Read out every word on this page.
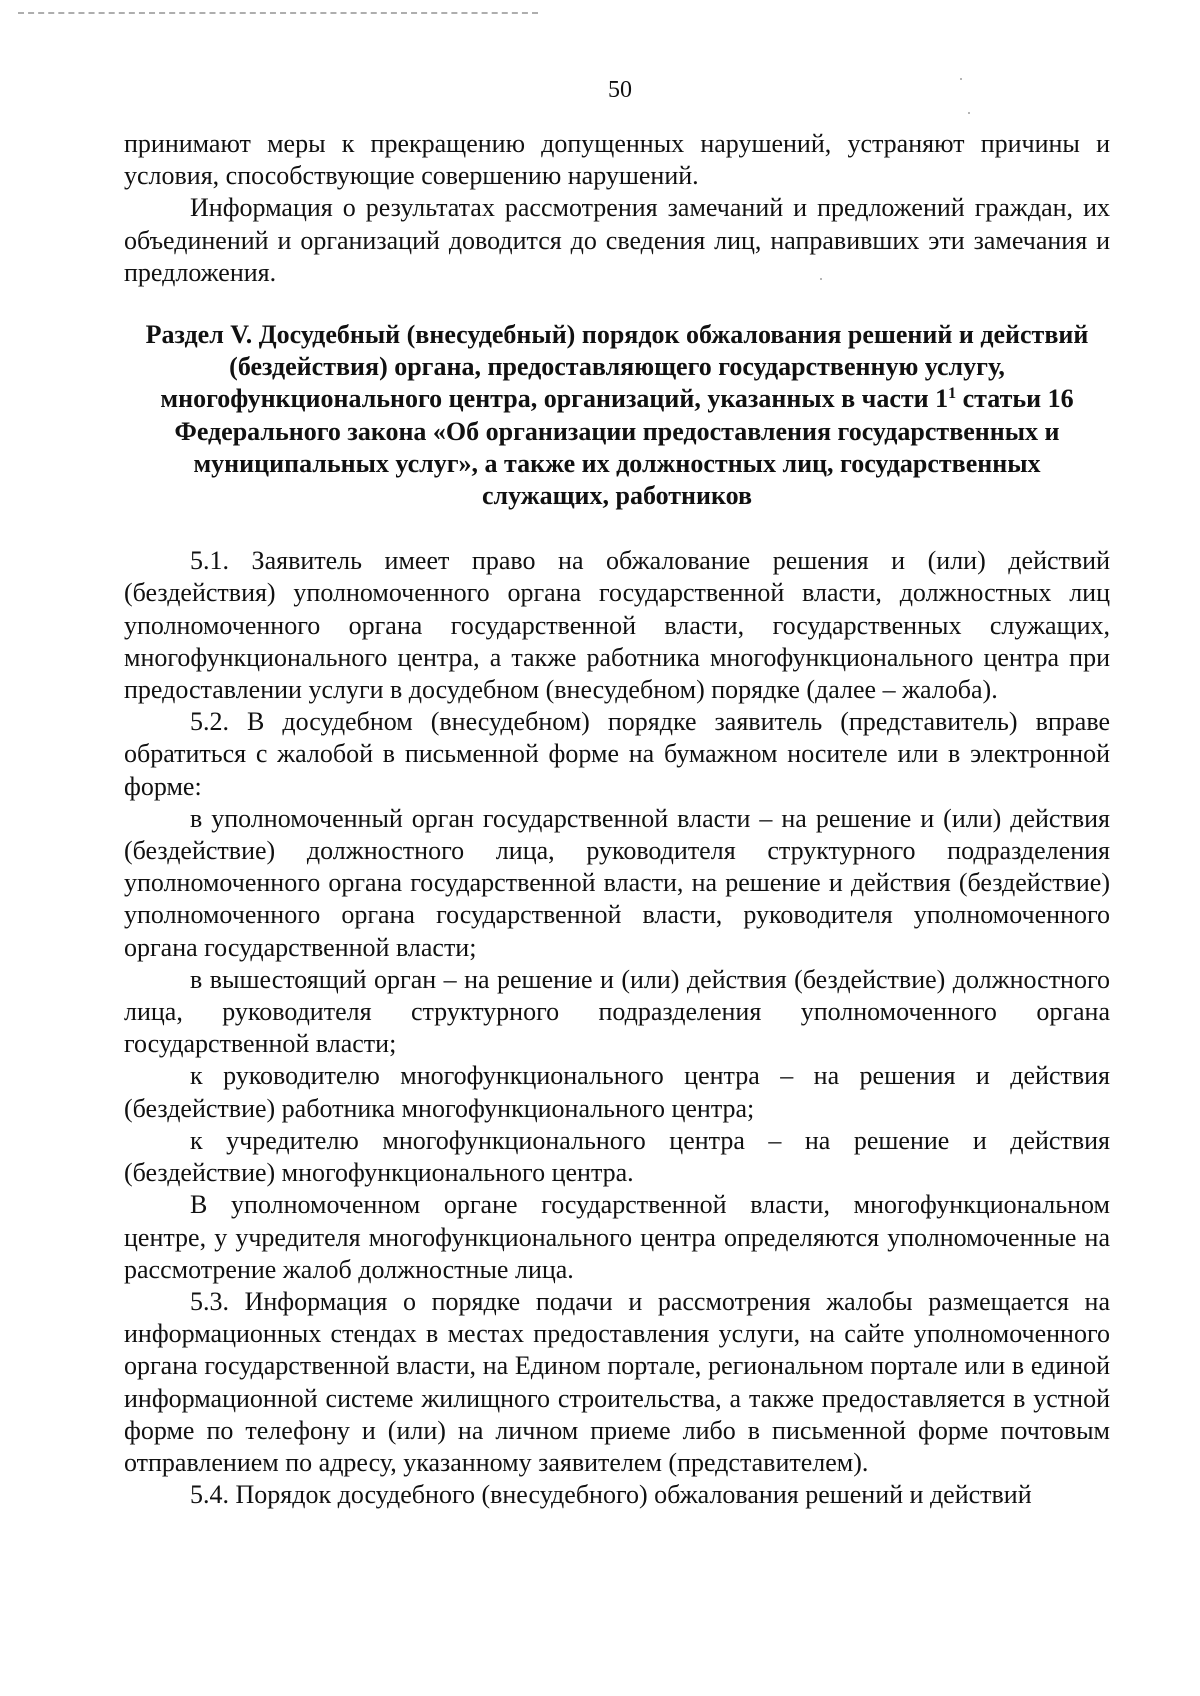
50

принимают меры к прекращению допущенных нарушений, устраняют причины и условия, способствующие совершению нарушений.

Информация о результатах рассмотрения замечаний и предложений граждан, их объединений и организаций доводится до сведения лиц, направивших эти замечания и предложения.

Раздел V. Досудебный (внесудебный) порядок обжалования решений и действий (бездействия) органа, предоставляющего государственную услугу, многофункционального центра, организаций, указанных в части $1^1$ статьи 16 Федерального закона «Об организации предоставления государственных и муниципальных услуг», а также их должностных лиц, государственных служащих, работников

5.1. Заявитель имеет право на обжалование решения и (или) действий (бездействия) уполномоченного органа государственной власти, должностных лиц уполномоченного органа государственной власти, государственных служащих, многофункционального центра, а также работника многофункционального центра при предоставлении услуги в досудебном (внесудебном) порядке (далее – жалоба).

5.2. В досудебном (внесудебном) порядке заявитель (представитель) вправе обратиться с жалобой в письменной форме на бумажном носителе или в электронной форме:

в уполномоченный орган государственной власти – на решение и (или) действия (бездействие) должностного лица, руководителя структурного подразделения уполномоченного органа государственной власти, на решение и действия (бездействие) уполномоченного органа государственной власти, руководителя уполномоченного органа государственной власти;

в вышестоящий орган – на решение и (или) действия (бездействие) должностного лица, руководителя структурного подразделения уполномоченного органа государственной власти;

к руководителю многофункционального центра – на решения и действия (бездействие) работника многофункционального центра;

к учредителю многофункционального центра – на решение и действия (бездействие) многофункционального центра.

В уполномоченном органе государственной власти, многофункциональном центре, у учредителя многофункционального центра определяются уполномоченные на рассмотрение жалоб должностные лица.

5.3. Информация о порядке подачи и рассмотрения жалобы размещается на информационных стендах в местах предоставления услуги, на сайте уполномоченного органа государственной власти, на Едином портале, региональном портале или в единой информационной системе жилищного строительства, а также предоставляется в устной форме по телефону и (или) на личном приеме либо в письменной форме почтовым отправлением по адресу, указанному заявителем (представителем).

5.4. Порядок досудебного (внесудебного) обжалования решений и действий
